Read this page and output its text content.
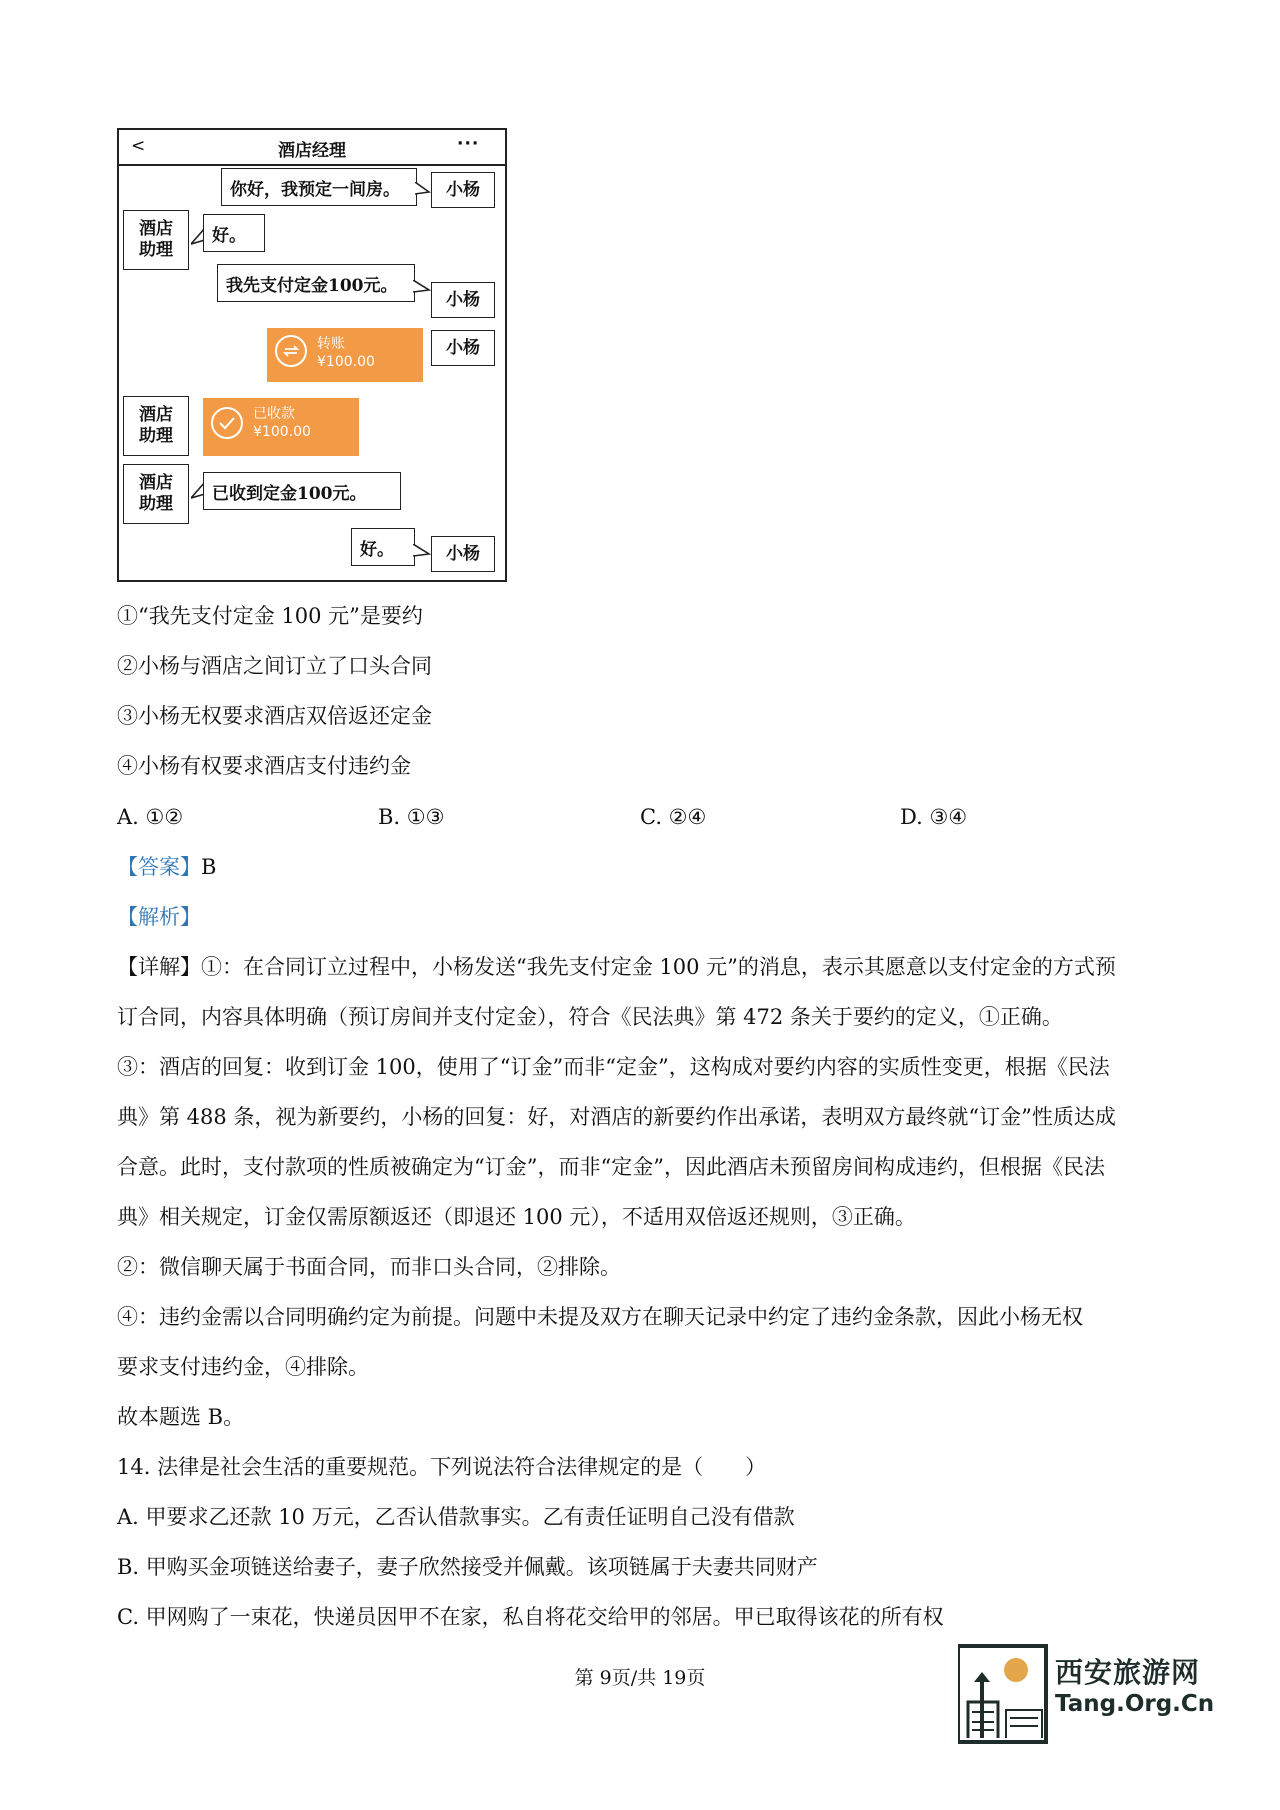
<	酒店经理	···
你好，我预定一间房。	小杨
酒店
助理
好。
我先支付定金100元。
小杨
转账
¥100.00
小杨
酒店
助理
已收款
¥100.00
酒店
助理
已收到定金100元。
好。	小杨
①“我先支付定金 100 元”是要约
②小杨与酒店之间订立了口头合同
③小杨无权要求酒店双倍返还定金
④小杨有权要求酒店支付违约金
A. ①②	B. ①③	C. ②④	D. ③④
【答案】B
【解析】
【详解】①：在合同订立过程中，小杨发送“我先支付定金 100 元”的消息，表示其愿意以支付定金的方式预
订合同，内容具体明确（预订房间并支付定金），符合《民法典》第 472 条关于要约的定义，①正确。
③：酒店的回复：收到订金 100，使用了“订金”而非“定金”，这构成对要约内容的实质性变更，根据《民法
典》第 488 条，视为新要约，小杨的回复：好，对酒店的新要约作出承诺，表明双方最终就“订金”性质达成
合意。此时，支付款项的性质被确定为“订金”，而非“定金”，因此酒店未预留房间构成违约，但根据《民法
典》相关规定，订金仅需原额返还（即退还 100 元），不适用双倍返还规则，③正确。
②：微信聊天属于书面合同，而非口头合同，②排除。
④：违约金需以合同明确约定为前提。问题中未提及双方在聊天记录中约定了违约金条款，因此小杨无权
要求支付违约金，④排除。
故本题选 B。
14. 法律是社会生活的重要规范。下列说法符合法律规定的是（　　）
A. 甲要求乙还款 10 万元，乙否认借款事实。乙有责任证明自己没有借款
B. 甲购买金项链送给妻子，妻子欣然接受并佩戴。该项链属于夫妻共同财产
C. 甲网购了一束花，快递员因甲不在家，私自将花交给甲的邻居。甲已取得该花的所有权
第 9页/共 19页	西安旅游网
Tang.Org.Cn
